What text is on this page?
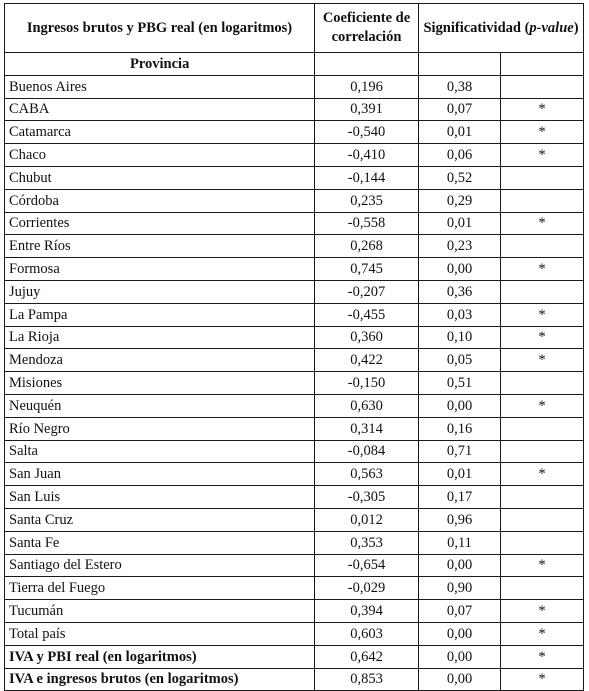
Ingresos brutos y PBG real (en logaritmos)	Coeficiente de correlación	Significatividad (p-value)	
Provincia			
Buenos Aires	0,196	0,38	
CABA	0,391	0,07	*
Catamarca	-0,540	0,01	*
Chaco	-0,410	0,06	*
Chubut	-0,144	0,52	
Córdoba	0,235	0,29	
Corrientes	-0,558	0,01	*
Entre Ríos	0,268	0,23	
Formosa	0,745	0,00	*
Jujuy	-0,207	0,36	
La Pampa	-0,455	0,03	*
La Rioja	0,360	0,10	*
Mendoza	0,422	0,05	*
Misiones	-0,150	0,51	
Neuquén	0,630	0,00	*
Río Negro	0,314	0,16	
Salta	-0,084	0,71	
San Juan	0,563	0,01	*
San Luis	-0,305	0,17	
Santa Cruz	0,012	0,96	
Santa Fe	0,353	0,11	
Santiago del Estero	-0,654	0,00	*
Tierra del Fuego	-0,029	0,90	
Tucumán	0,394	0,07	*
Total país	0,603	0,00	*
IVA y PBI real (en logaritmos)	0,642	0,00	*
IVA e ingresos brutos (en logaritmos)	0,853	0,00	*
